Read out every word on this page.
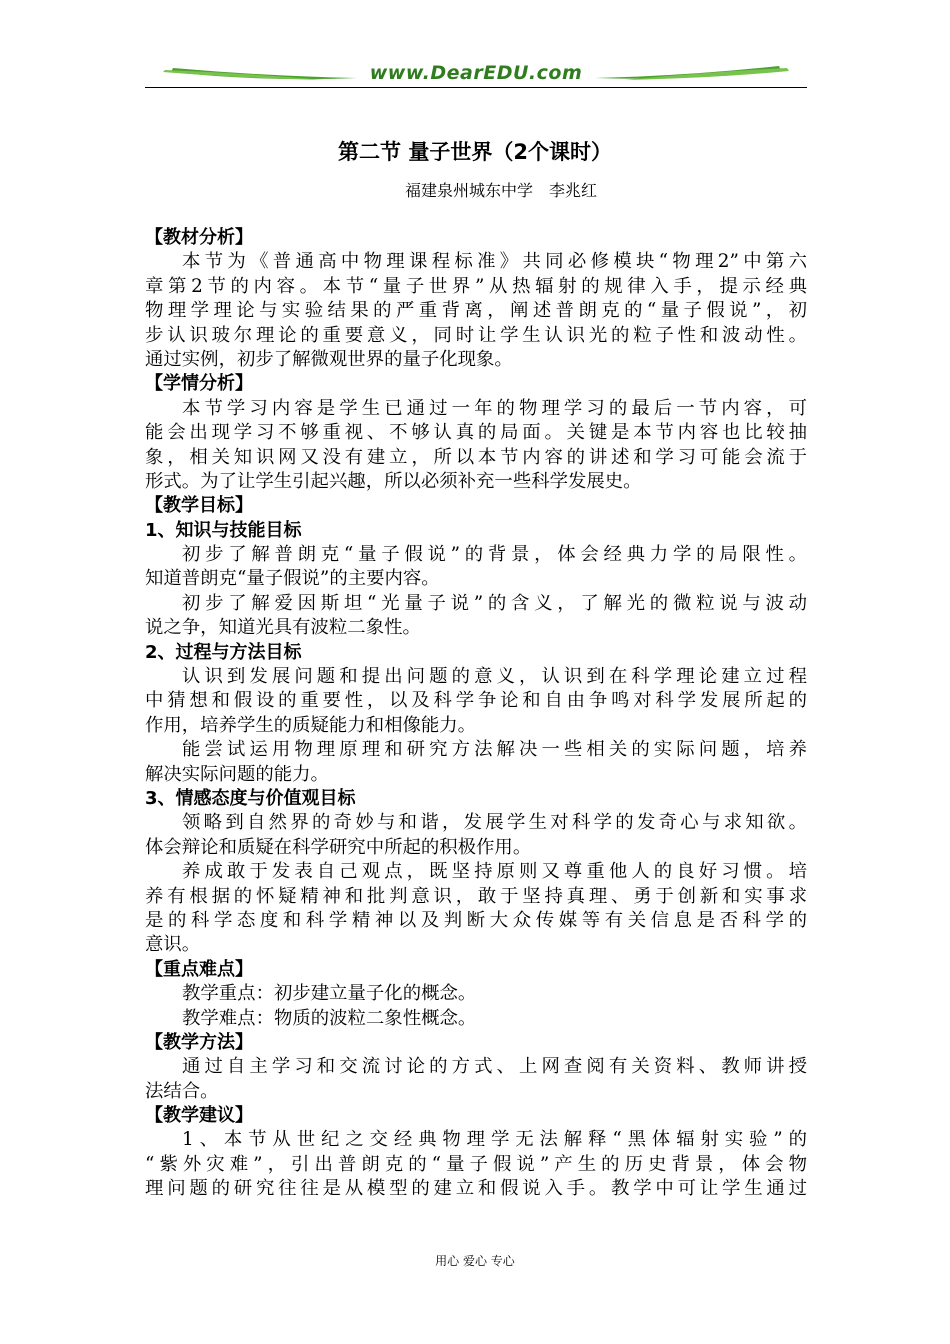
www.DearEDU.com
第二节 量子世界（2个课时）
福建泉州城东中学　李兆红
【教材分析】
本节为《普通高中物理课程标准》共同必修模块“物理2”中第六
章第2节的内容。本节“量子世界”从热辐射的规律入手，提示经典
物理学理论与实验结果的严重背离，阐述普朗克的“量子假说”，初
步认识玻尔理论的重要意义，同时让学生认识光的粒子性和波动性。
通过实例，初步了解微观世界的量子化现象。
【学情分析】
本节学习内容是学生已通过一年的物理学习的最后一节内容，可
能会出现学习不够重视、不够认真的局面。关键是本节内容也比较抽
象，相关知识网又没有建立，所以本节内容的讲述和学习可能会流于
形式。为了让学生引起兴趣，所以必须补充一些科学发展史。
【教学目标】
1、知识与技能目标
初步了解普朗克“量子假说”的背景，体会经典力学的局限性。
知道普朗克“量子假说”的主要内容。
初步了解爱因斯坦“光量子说”的含义，了解光的微粒说与波动
说之争，知道光具有波粒二象性。
2、过程与方法目标
认识到发展问题和提出问题的意义，认识到在科学理论建立过程
中猜想和假设的重要性，以及科学争论和自由争鸣对科学发展所起的
作用，培养学生的质疑能力和相像能力。
能尝试运用物理原理和研究方法解决一些相关的实际问题，培养
解决实际问题的能力。
3、情感态度与价值观目标
领略到自然界的奇妙与和谐，发展学生对科学的发奇心与求知欲。
体会辩论和质疑在科学研究中所起的积极作用。
养成敢于发表自己观点，既坚持原则又尊重他人的良好习惯。培
养有根据的怀疑精神和批判意识，敢于坚持真理、勇于创新和实事求
是的科学态度和科学精神以及判断大众传媒等有关信息是否科学的
意识。
【重点难点】
教学重点：初步建立量子化的概念。
教学难点：物质的波粒二象性概念。
【教学方法】
通过自主学习和交流讨论的方式、上网查阅有关资料、教师讲授
法结合。
【教学建议】
1、本节从世纪之交经典物理学无法解释“黑体辐射实验”的
“紫外灾难”，引出普朗克的“量子假说”产生的历史背景，体会物
理问题的研究往往是从模型的建立和假说入手。教学中可让学生通过
用心 爱心 专心
